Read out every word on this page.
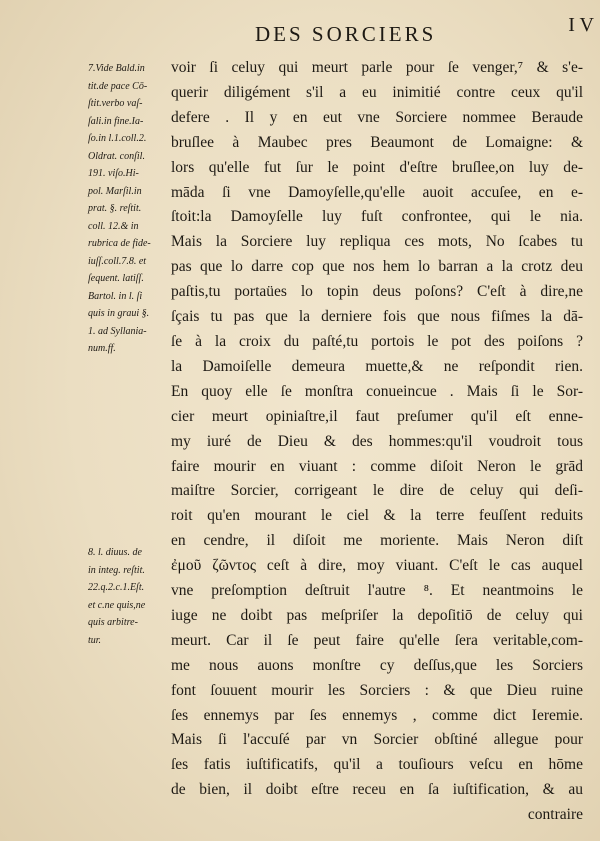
DES SORCIERS	I V
7.Vide Bald.in
tit.de pace Cō-
ſtit.verbo vaſ-
ſali.in fine.Ia-
ſo.in l.1.coll.2.
Oldrat. conſil.
191. viſo.Hi-
pol. Marſil.in
prat. §. reſtit.
coll. 12.& in
rubrica de fide-
iuſſ.coll.7.8. et
ſequent. latiſſ.
Bartol. in l. ſi
quis in graui §.
1. ad Syllania-
num.ff.
8. l. diuus. de
in integ. reſtit.
22.q.2.c.1.Eſt.
et c.ne quis,ne
quis arbitre-
tur.
voir ſi celuy qui meurt parle pour ſe venger,⁷ & s'e-
querir diligément s'il a eu inimitié contre ceux qu'il
defere . Il y en eut vne Sorciere nommee Beraude
bruſlee à Maubec pres Beaumont de Lomaigne: &
lors qu'elle fut ſur le point d'eſtre bruſlee,on luy de-
māda ſi vne Damoyſelle,qu'elle auoit accuſee, en e-
ſtoit:la Damoyſelle luy fuſt confrontee, qui le nia.
Mais la Sorciere luy repliqua ces mots, No ſcabes tu
pas que lo darre cop que nos hem lo barran a la crotz deu
paſtis,tu portaües lo topin deus poſons? C'eſt à dire,ne
ſçais tu pas que la derniere fois que nous fiſmes la dā-
ſe à la croix du paſté,tu portois le pot des poiſons ?
la Damoiſelle demeura muette,& ne reſpondit rien.
En quoy elle ſe monſtra conueincue . Mais ſi le Sor-
cier meurt opiniaſtre,il faut preſumer qu'il eſt enne-
my iuré de Dieu & des hommes:qu'il voudroit tous
faire mourir en viuant : comme diſoit Neron le grād
maiſtre Sorcier, corrigeant le dire de celuy qui deſi-
roit qu'en mourant le ciel & la terre feuſſent reduits
en cendre, il diſoit me moriente. Mais Neron diſt
ἐμοῦ ζῶντος ceſt à dire, moy viuant. C'eſt le cas auquel
vne preſomption deſtruit l'autre ⁸. Et neantmoins le
iuge ne doibt pas meſpriſer la depoſitiō de celuy qui
meurt. Car il ſe peut faire qu'elle ſera veritable,com-
me nous auons monſtre cy deſſus,que les Sorciers
font ſouuent mourir les Sorciers : & que Dieu ruine
ſes ennemys par ſes ennemys , comme dict Ieremie.
Mais ſi l'accuſé par vn Sorcier obſtiné allegue pour
ſes fatis iuſtificatifs, qu'il a touſiours veſcu en hōme
de bien, il doibt eſtre receu en ſa iuſtification, & au
contraire
